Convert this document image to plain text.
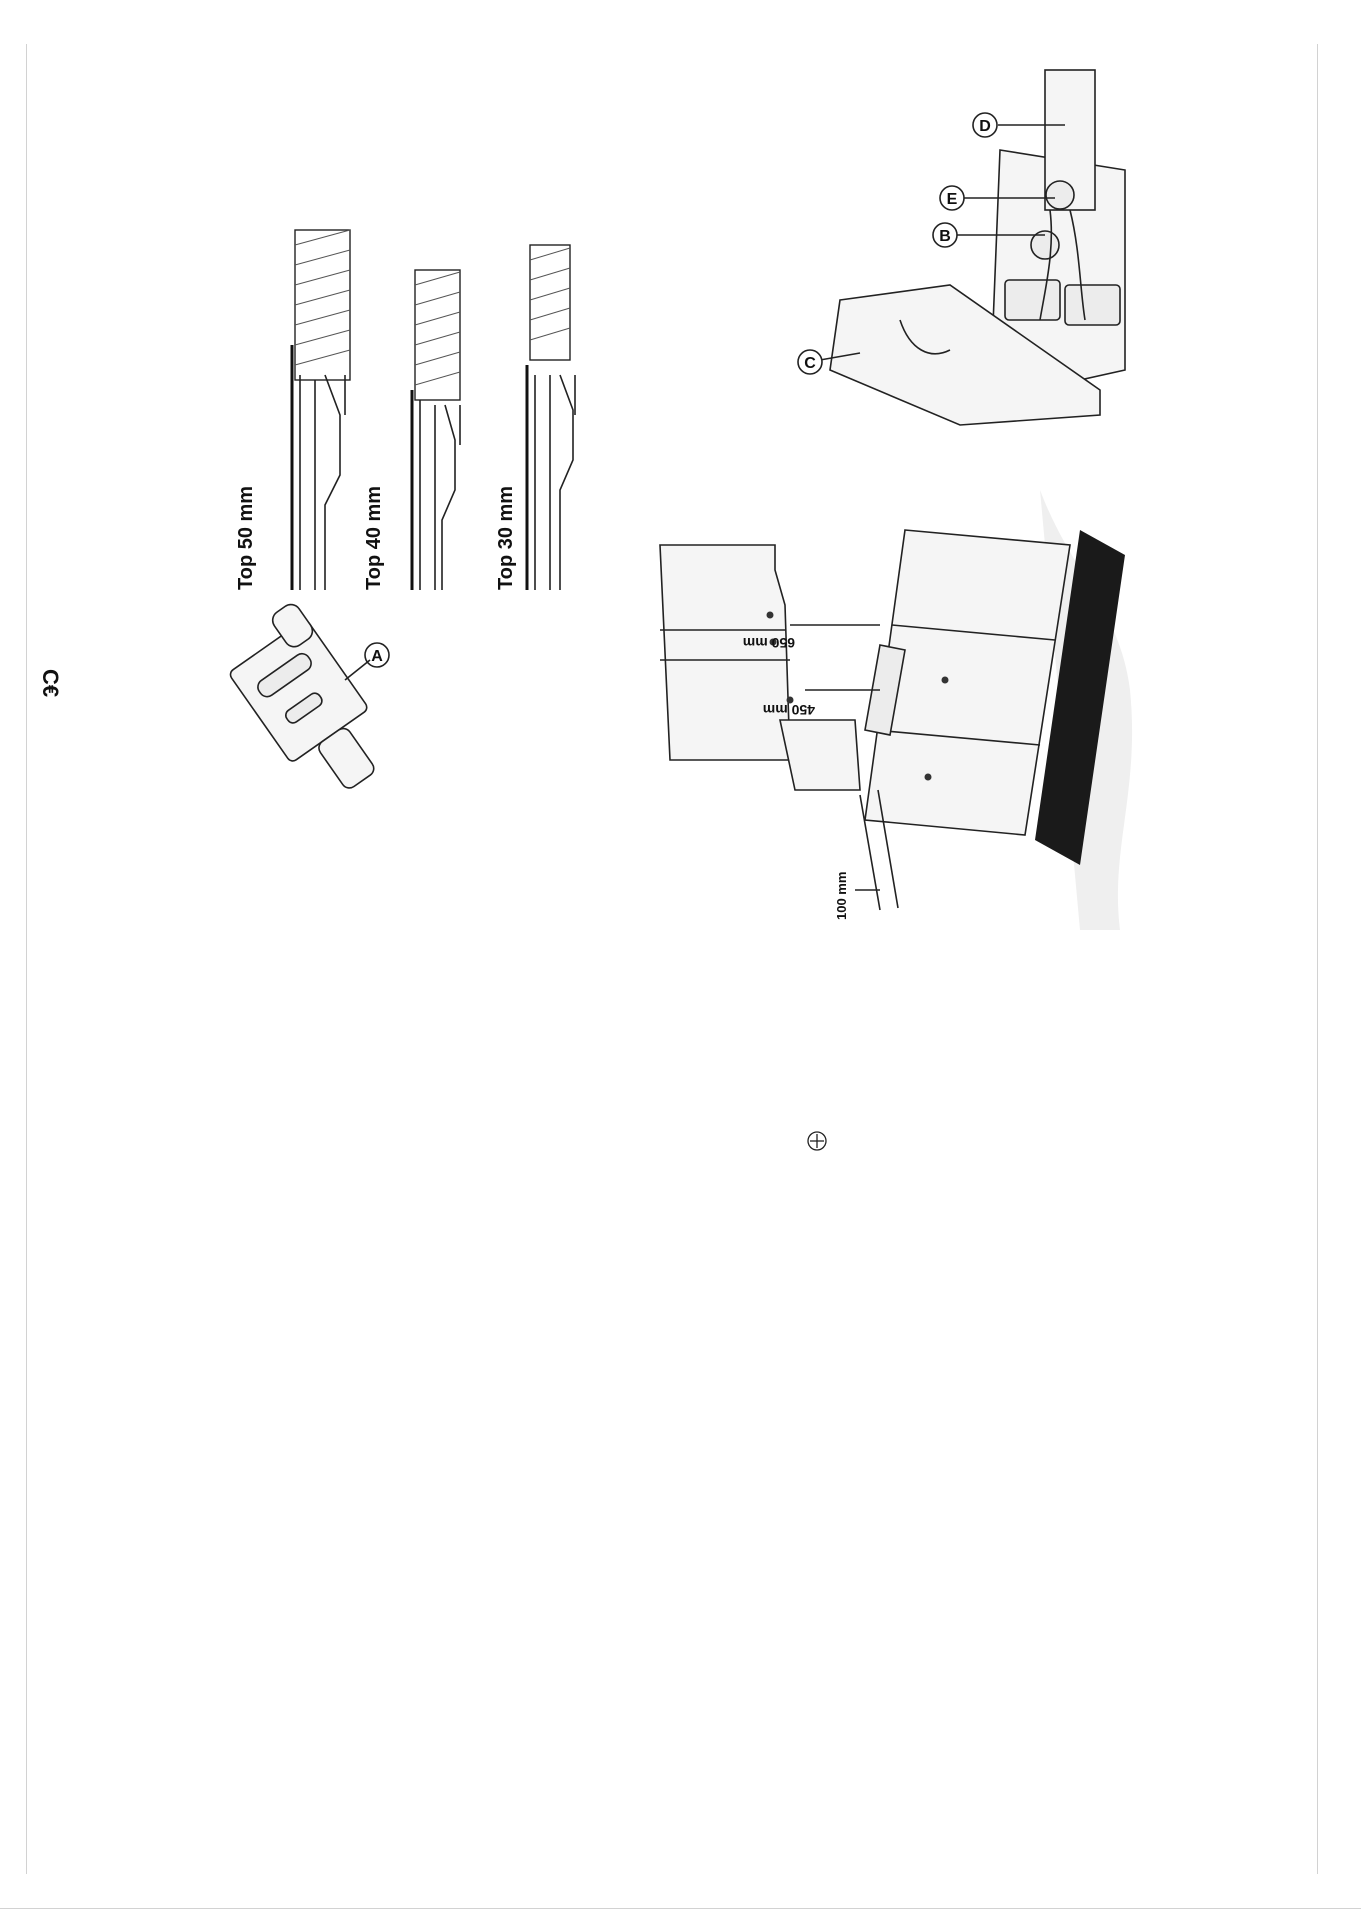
C€
A
Top 50 mm	Top 40 mm	Top 30 mm
C
B
E
D
650 mm
450 mm
100 mm
